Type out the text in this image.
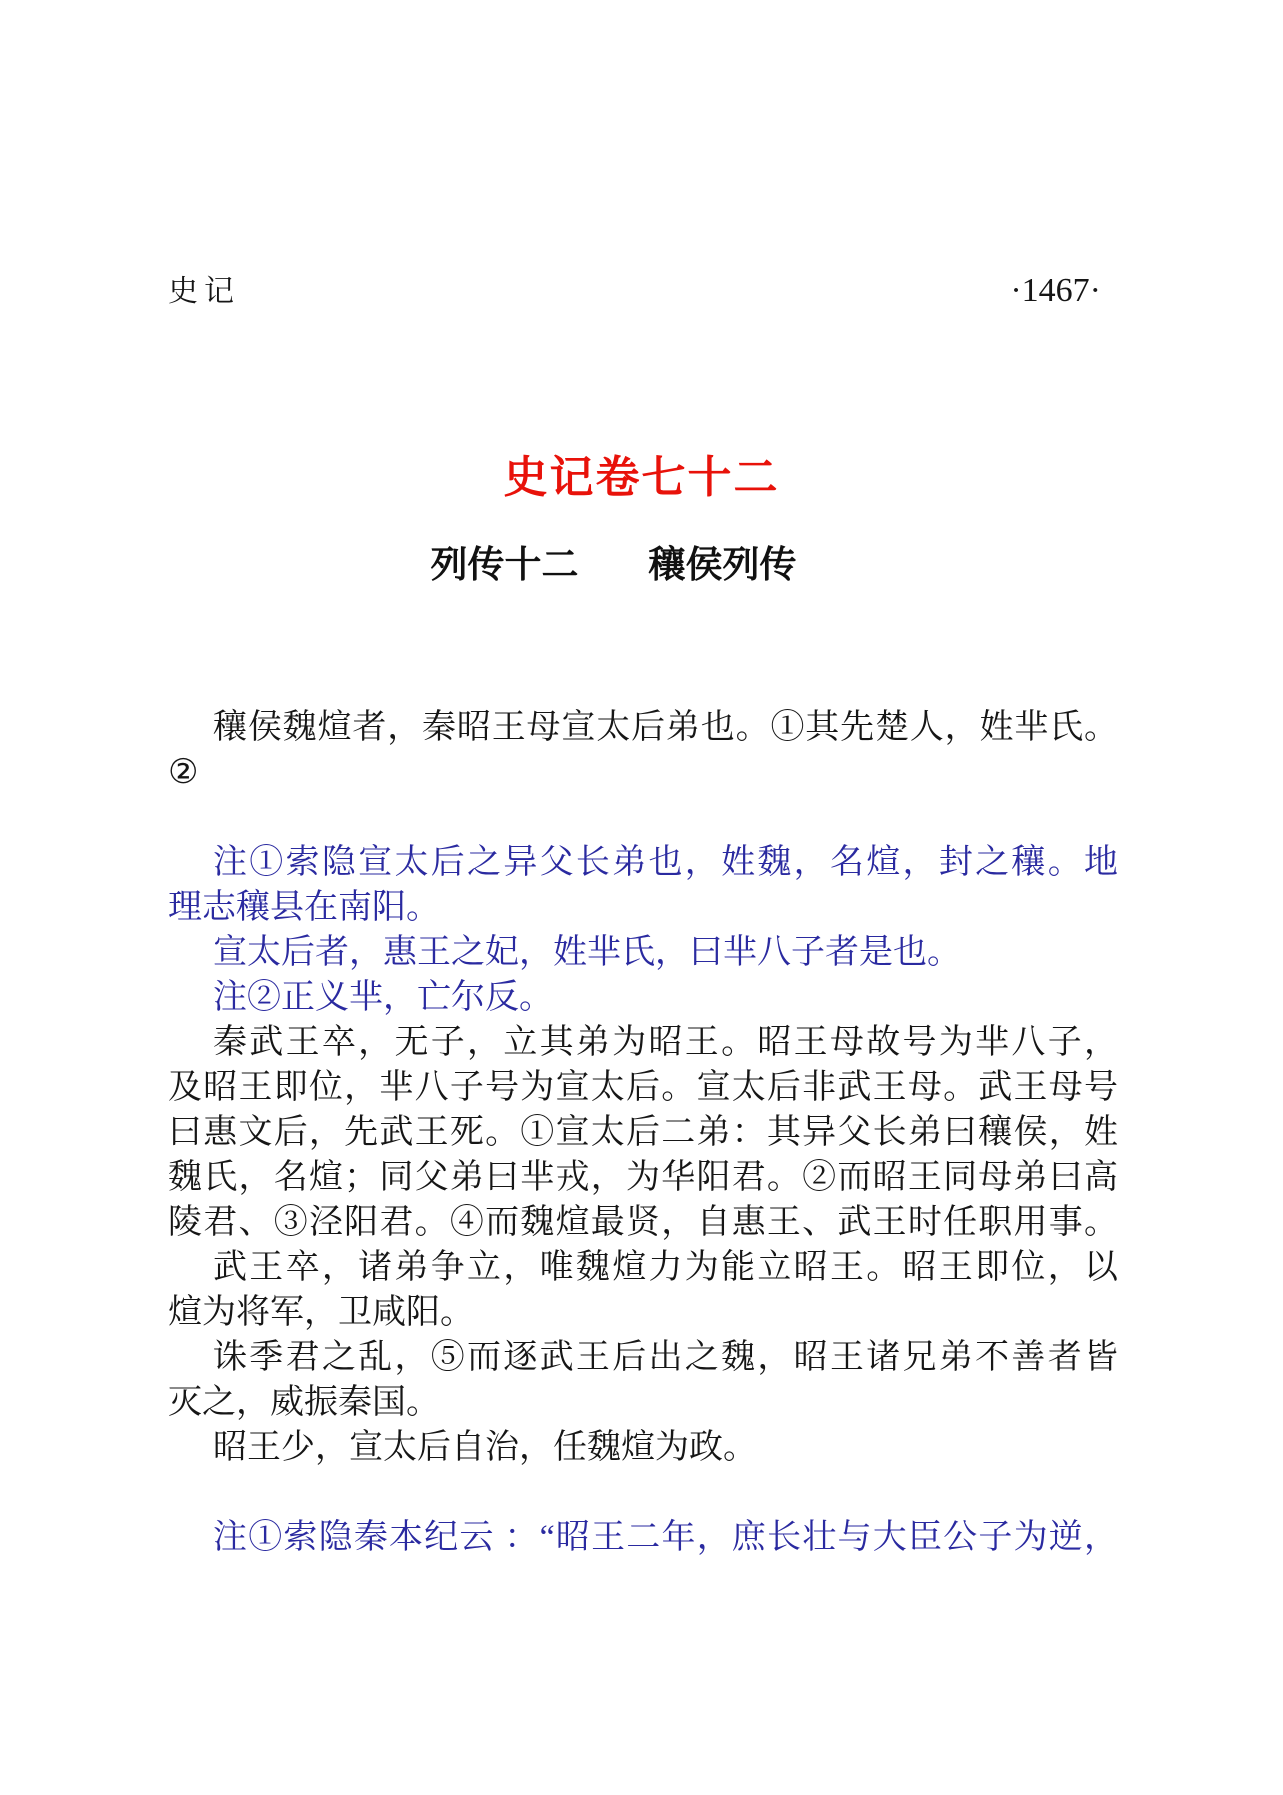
史记	·1467·
史记卷七十二
列传十二 穰侯列传
穰侯魏煊者，秦昭王母宣太后弟也。①其先楚人，姓芈氏。
②
注①索隐宣太后之异父长弟也，姓魏，名煊，封之穰。地
理志穰县在南阳。
宣太后者，惠王之妃，姓芈氏，曰芈八子者是也。
注②正义芈，亡尔反。
秦武王卒，无子，立其弟为昭王。昭王母故号为芈八子，
及昭王即位，芈八子号为宣太后。宣太后非武王母。武王母号
曰惠文后，先武王死。①宣太后二弟：其异父长弟曰穰侯，姓
魏氏，名煊；同父弟曰芈戎，为华阳君。②而昭王同母弟曰高
陵君、③泾阳君。④而魏煊最贤，自惠王、武王时任职用事。
武王卒，诸弟争立，唯魏煊力为能立昭王。昭王即位，以
煊为将军，卫咸阳。
诛季君之乱，⑤而逐武王后出之魏，昭王诸兄弟不善者皆
灭之，威振秦国。
昭王少，宣太后自治，任魏煊为政。
注①索隐秦本纪云 ：“昭王二年，庶长壮与大臣公子为逆，
